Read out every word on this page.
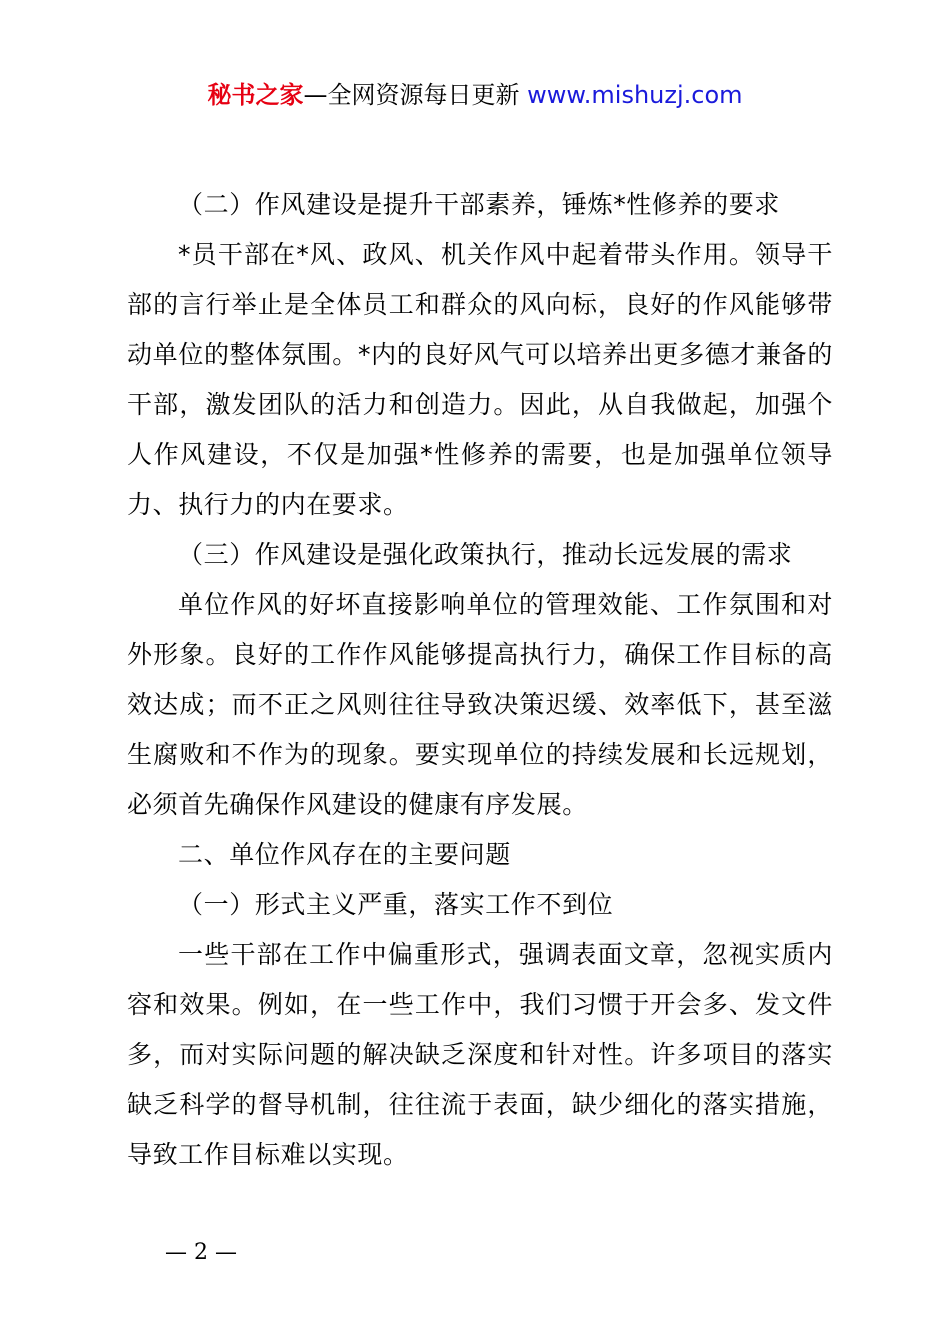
秘书之家—全网资源每日更新 www.mishuzj.com

（二）作风建设是提升干部素养，锤炼*性修养的要求

*员干部在*风、政风、机关作风中起着带头作用。领导干部的言行举止是全体员工和群众的风向标，良好的作风能够带动单位的整体氛围。*内的良好风气可以培养出更多德才兼备的干部，激发团队的活力和创造力。因此，从自我做起，加强个人作风建设，不仅是加强*性修养的需要，也是加强单位领导力、执行力的内在要求。

（三）作风建设是强化政策执行，推动长远发展的需求

单位作风的好坏直接影响单位的管理效能、工作氛围和对外形象。良好的工作作风能够提高执行力，确保工作目标的高效达成；而不正之风则往往导致决策迟缓、效率低下，甚至滋生腐败和不作为的现象。要实现单位的持续发展和长远规划，必须首先确保作风建设的健康有序发展。

二、单位作风存在的主要问题

（一）形式主义严重，落实工作不到位

一些干部在工作中偏重形式，强调表面文章，忽视实质内容和效果。例如，在一些工作中，我们习惯于开会多、发文件多，而对实际问题的解决缺乏深度和针对性。许多项目的落实缺乏科学的督导机制，往往流于表面，缺少细化的落实措施，导致工作目标难以实现。

— 2 —
